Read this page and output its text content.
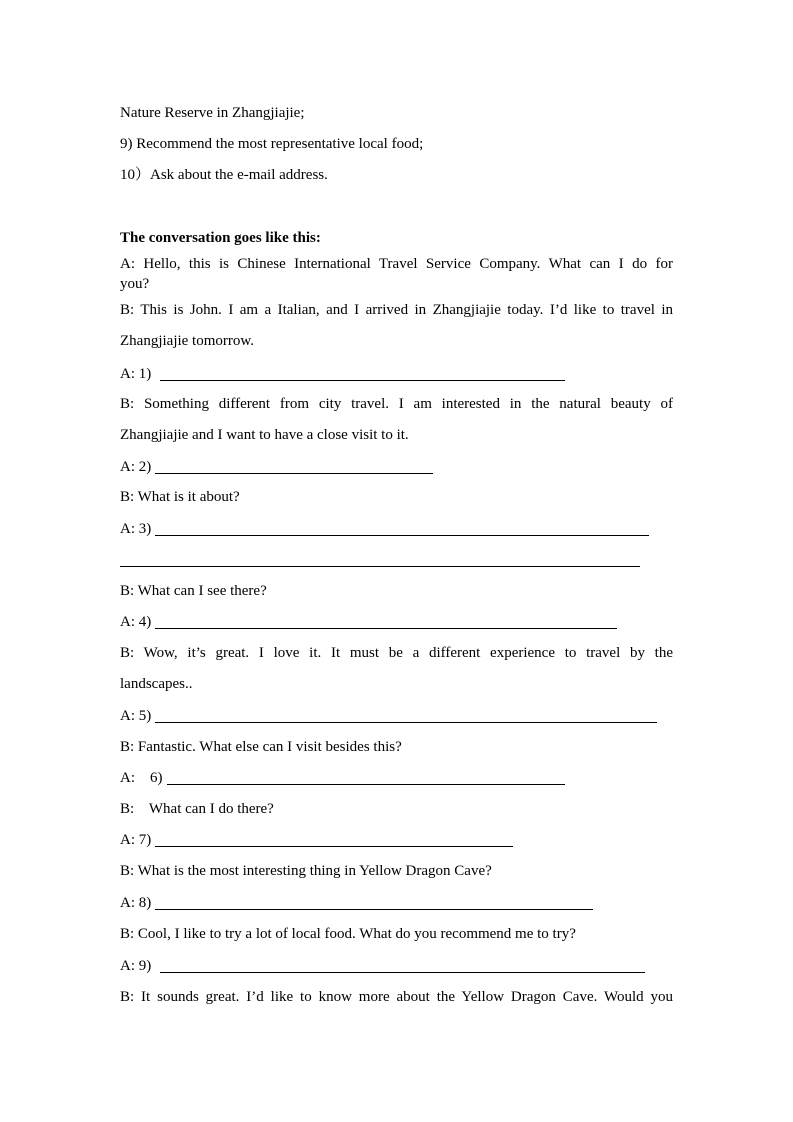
Nature Reserve in Zhangjiajie;
9) Recommend the most representative local food;
10）Ask about the e-mail address.
The conversation goes like this:
A: Hello, this is Chinese International Travel Service Company. What can I do for
you?
B: This is John. I am a Italian, and I arrived in Zhangjiajie today. I’d like to travel in
Zhangjiajie tomorrow.
A: 1)
B: Something different from city travel. I am interested in the natural beauty of
Zhangjiajie and I want to have a close visit to it.
A: 2)
B: What is it about?
A: 3)
B: What can I see there?
A: 4)
B: Wow, it’s great. I love it. It must be a different experience to travel by the
landscapes..
A: 5)
B: Fantastic. What else can I visit besides this?
A:    6)
B:    What can I do there?
A: 7)
B: What is the most interesting thing in Yellow Dragon Cave?
A: 8)
B: Cool, I like to try a lot of local food. What do you recommend me to try?
A: 9)
B: It sounds great. I’d like to know more about the Yellow Dragon Cave. Would you
